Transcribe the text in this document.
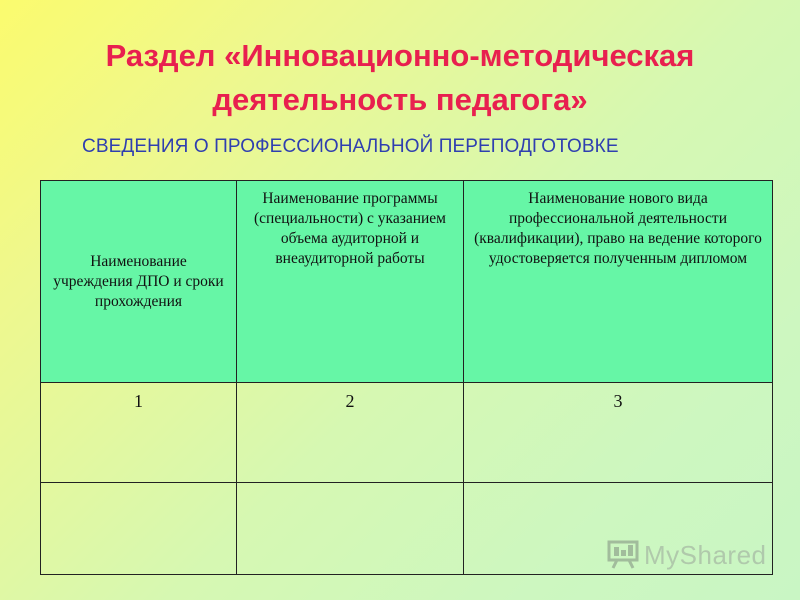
Раздел «Инновационно-методическая
деятельность педагога»
СВЕДЕНИЯ О ПРОФЕССИОНАЛЬНОЙ ПЕРЕПОДГОТОВКЕ
Наименование учреждения ДПО и сроки прохождения	Наименование программы (специальности) с указанием объема аудиторной и внеаудиторной работы	Наименование нового вида профессиональной деятельности (квалификации), право на ведение которого удостоверяется полученным дипломом
1	2	3

MyShared
